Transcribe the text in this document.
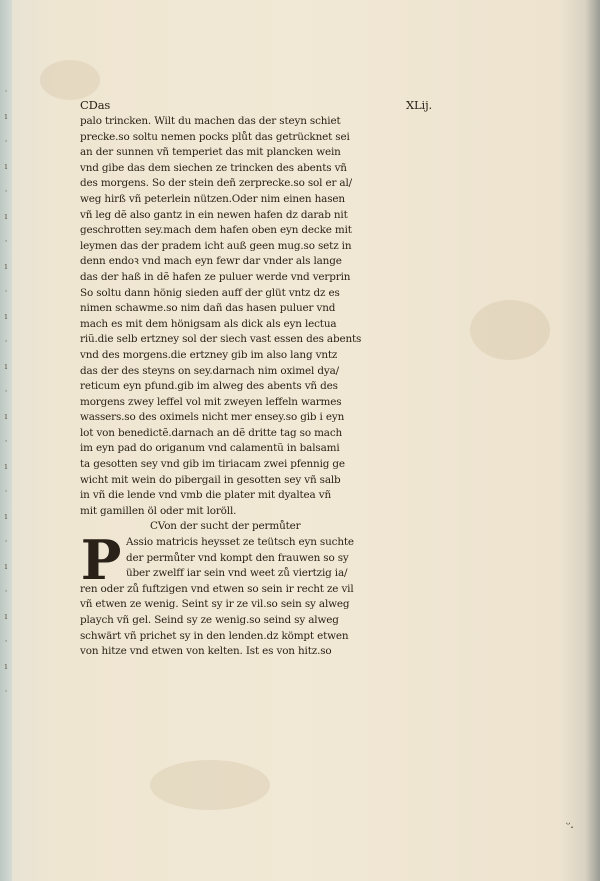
·
ı
·
ı
·
ı
·
ı
·
ı
·
ı
·
ı
·
ı
·
ı
·
ı
·
ı
·
ı
·
CDas	XLij.
palo trincken. Wilt du machen das der steyn schiet
precke.so soltu nemen pocks plůt das getrücknet sei
an der sunnen vñ temperiet das mit plancken wein
vnd gibe das dem siechen ze trincken des abents vñ
des morgens. So der stein deñ zerprecke.so sol er al/
weg hirß vñ peterlein nützen.Oder nim einen hasen
vñ leg dẽ also gantz in ein newen hafen dz darab nit
geschrotten sey.mach dem hafen oben eyn decke mit
leymen das der pradem icht auß geen mug.so setz in
denn endoꝛ vnd mach eyn fewr dar vnder als lange
das der haß in dẽ hafen ze puluer werde vnd verprin
So soltu dann hönig sieden auff der glüt vntz dz es
nimen schawme.so nim dañ das hasen puluer vnd
mach es mit dem hönigsam als dick als eyn lectua
riũ.die selb ertzney sol der siech vast essen des abents
vnd des morgens.die ertzney gib im also lang vntz
das der des steyns on sey.darnach nim oximel dya/
reticum eyn pfund.gib im alweg des abents vñ des
morgens zwey leffel vol mit zweyen leffeln warmes
wassers.so des oximels nicht mer ensey.so gib i eyn
lot von benedictẽ.darnach an dẽ dritte tag so mach
im eyn pad do origanum vnd calamentũ in balsami
ta gesotten sey vnd gib im tiriacam zwei pfennig ge
wicht mit wein do pibergail in gesotten sey vñ salb
in vñ die lende vnd vmb die plater mit dyaltea vñ
mit gamillen öl oder mit loröll.
CVon der sucht der permůter
P Assio matricis heysset ze teütsch eyn suchte
der permůter vnd kompt den frauwen so sy
über zwelff iar sein vnd weet zů viertzig ia/
ren oder zů fuftzigen vnd etwen so sein ir recht ze vil
vñ etwen ze wenig. Seint sy ir ze vil.so sein sy alweg
playch vñ gel. Seind sy ze wenig.so seind sy alweg
schwärt vñ prichet sy in den lenden.dz kömpt etwen
von hitze vnd etwen von kelten. Ist es von hitz.so
ᵕ.
